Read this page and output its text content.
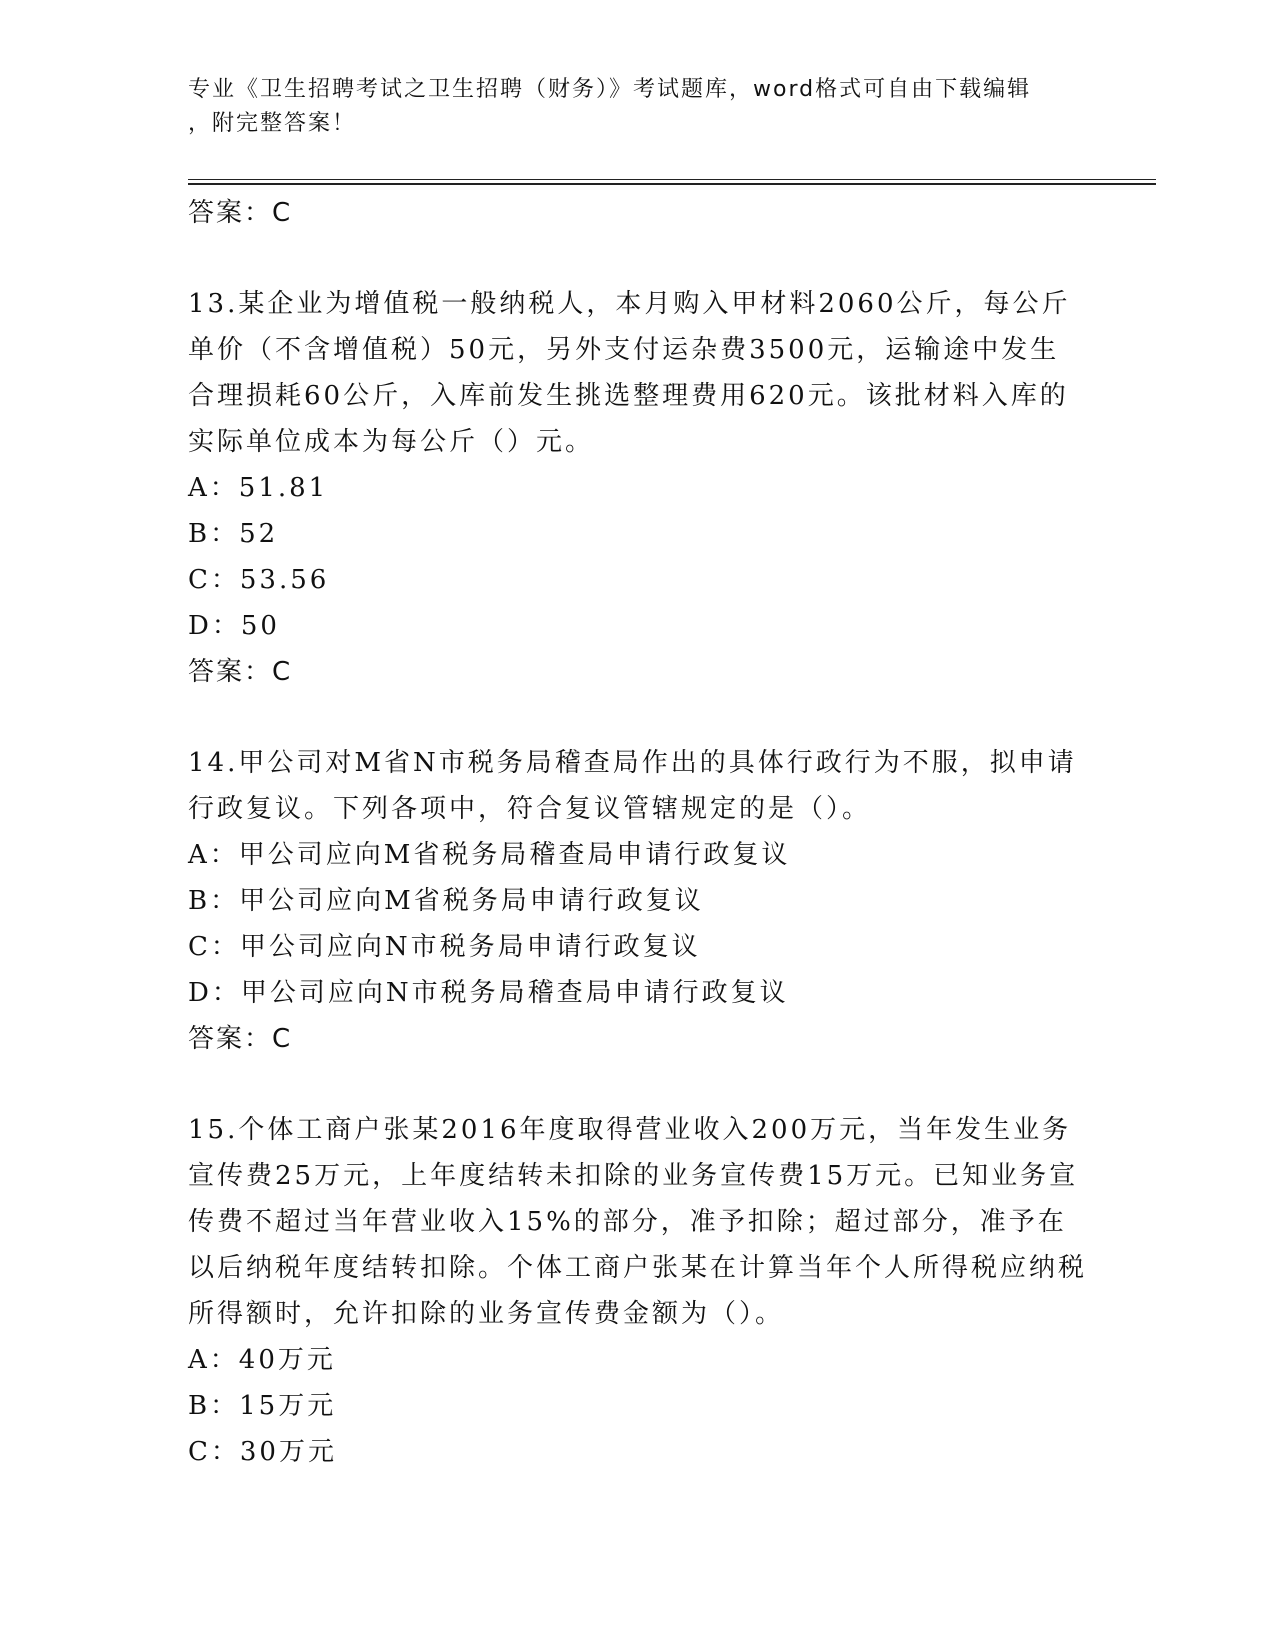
专业《卫生招聘考试之卫生招聘（财务）》考试题库，word格式可自由下载编辑
，附完整答案！
答案：C

13.某企业为增值税一般纳税人，本月购入甲材料2060公斤，每公斤单价（不含增值税）50元，另外支付运杂费3500元，运输途中发生合理损耗60公斤，入库前发生挑选整理费用620元。该批材料入库的实际单位成本为每公斤（）元。

A：51.81
B：52
C：53.56
D：50
答案：C

14.甲公司对M省N市税务局稽查局作出的具体行政行为不服，拟申请行政复议。下列各项中，符合复议管辖规定的是（）。

A：甲公司应向M省税务局稽查局申请行政复议
B：甲公司应向M省税务局申请行政复议
C：甲公司应向N市税务局申请行政复议
D：甲公司应向N市税务局稽查局申请行政复议
答案：C

15.个体工商户张某2016年度取得营业收入200万元，当年发生业务宣传费25万元，上年度结转未扣除的业务宣传费15万元。已知业务宣传费不超过当年营业收入15%的部分，准予扣除；超过部分，准予在以后纳税年度结转扣除。个体工商户张某在计算当年个人所得税应纳税所得额时，允许扣除的业务宣传费金额为（）。

A：40万元
B：15万元
C：30万元
